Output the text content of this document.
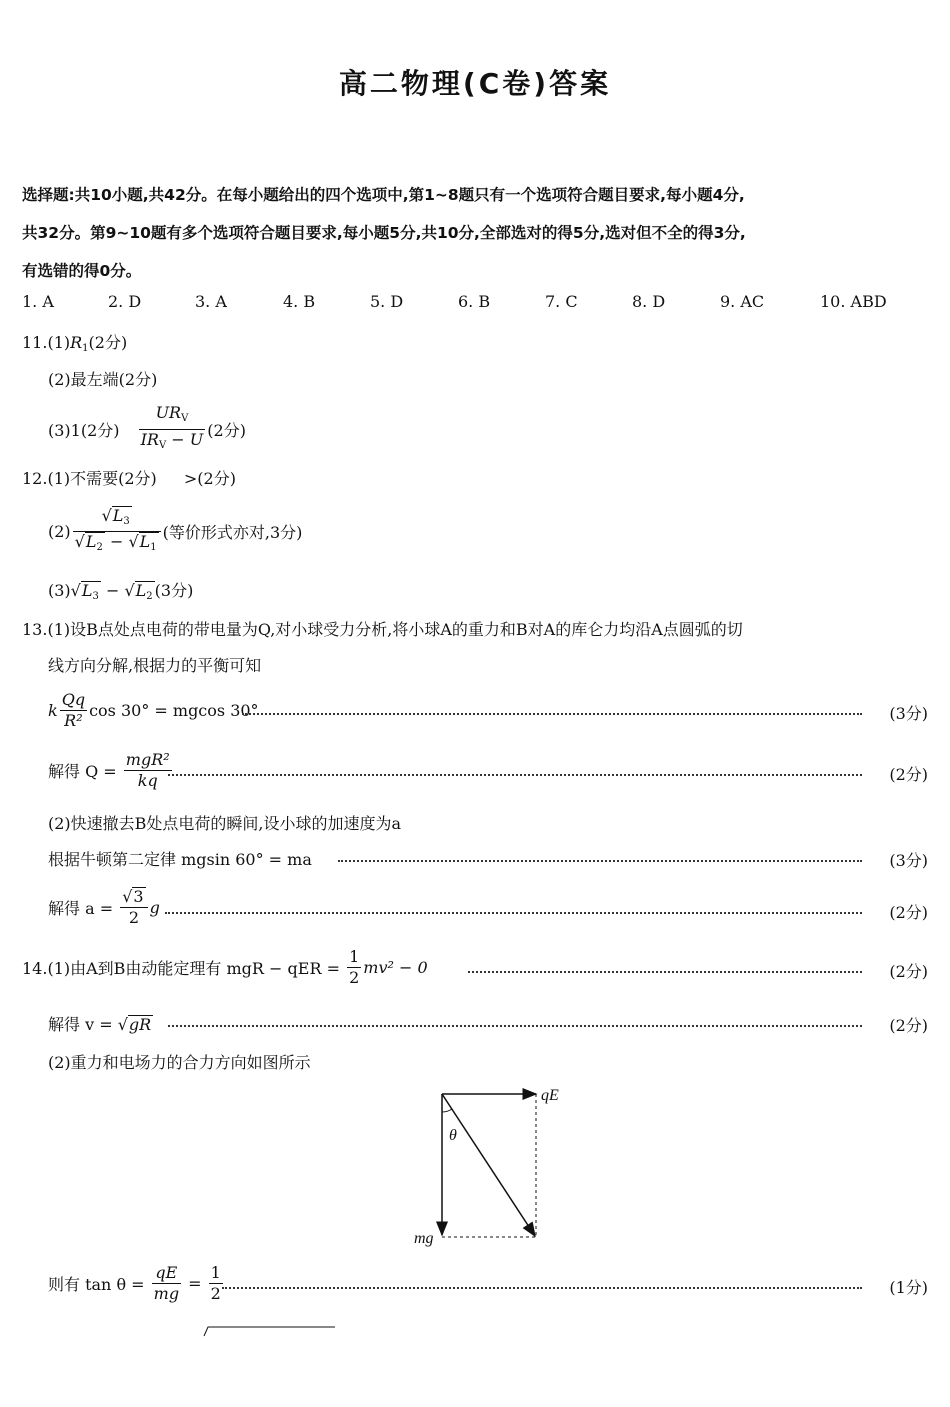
高二物理(C卷)答案
选择题:共10小题,共42分。在每小题给出的四个选项中,第1~8题只有一个选项符合题目要求,每小题4分,
共32分。第9~10题有多个选项符合题目要求,每小题5分,共10分,全部选对的得5分,选对但不全的得3分,
有选错的得0分。
1. A	2. D	3. A	4. B	5. D	6. B	7. C	8. D	9. AC	10. ABD
$11.(1)R_1(2$分)
(2)最左端(2分)
(3)1(2分) $\frac{UR_V}{IR_V - U} (2$分)
12.(1)不需要(2分) >(2分)
$(2) \frac{√L_3}{√L_2 - √L_1}$ (等价形式亦对,3分)
$(3)√L_3 - √L_2$ (3分)
13.(1)设B点处点电荷的带电量为Q,对小球受力分析,将小球A的重力和B对A的库仑力均沿A点圆弧的切
线方向分解,根据力的平衡可知
k $\frac{Qq}{\text{R²}}$ cos 30° = mgcos 30°	(3分)
解得 $Q = \frac{\text{mgR²}}{kq}$	(2分)
(2)快速撤去B处点电荷的瞬间,设小球的加速度为a
根据牛顿第二定律 mgsin 60° = ma	(3分)
解得 $a = \frac{√3}{2}$ g	(2分)
14.(1)由A到B由动能定理有 mgR − qER = $\frac{1}{2} mv^2 - 0$	(2分)
解得 v = √gR	(2分)
(2)重力和电场力的合力方向如图所示
qE
θ
mg
则有 $\tan \theta = \frac{qE}{mg} = \frac{1}{2}$	(1分)
